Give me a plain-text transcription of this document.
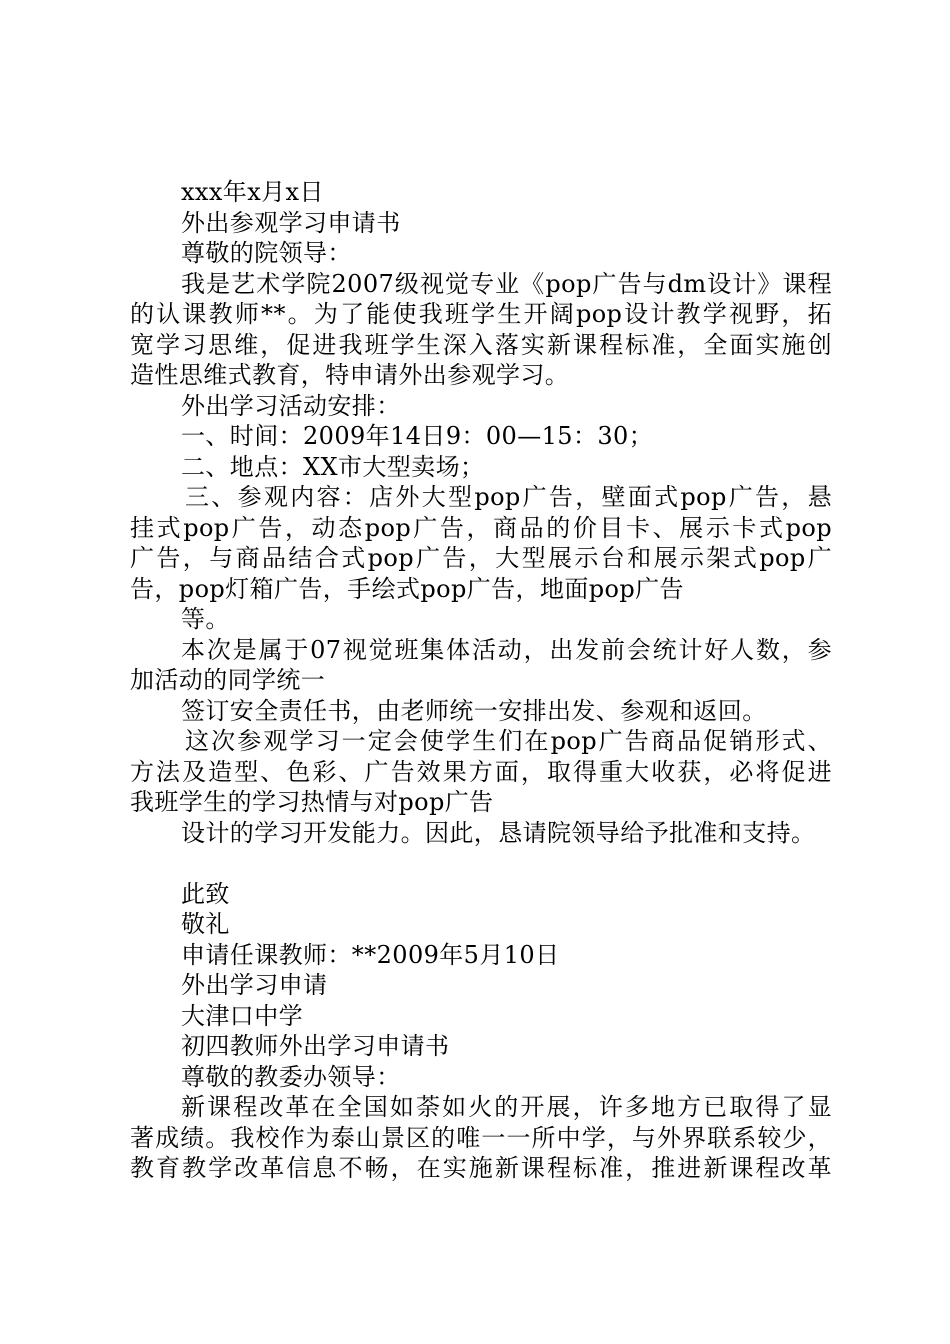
xxx年x月x日
外出参观学习申请书
尊敬的院领导：
我是艺术学院2007级视觉专业《pop广告与dm设计》课程
的认课教师**。为了能使我班学生开阔pop设计教学视野，拓
宽学习思维，促进我班学生深入落实新课程标准，全面实施创
造性思维式教育，特申请外出参观学习。
外出学习活动安排：
一、时间：2009年14日9：00—15：30；
二、地点：XX市大型卖场；
三、参观内容：店外大型pop广告，壁面式pop广告，悬
挂式pop广告，动态pop广告，商品的价目卡、展示卡式pop
广告，与商品结合式pop广告，大型展示台和展示架式pop广
告，pop灯箱广告，手绘式pop广告，地面pop广告
等。
本次是属于07视觉班集体活动，出发前会统计好人数，参
加活动的同学统一
签订安全责任书，由老师统一安排出发、参观和返回。
这次参观学习一定会使学生们在pop广告商品促销形式、
方法及造型、色彩、广告效果方面，取得重大收获，必将促进
我班学生的学习热情与对pop广告
设计的学习开发能力。因此，恳请院领导给予批准和支持。
此致
敬礼
申请任课教师：**2009年5月10日
外出学习申请
大津口中学
初四教师外出学习申请书
尊敬的教委办领导：
新课程改革在全国如荼如火的开展，许多地方已取得了显
著成绩。我校作为泰山景区的唯一一所中学，与外界联系较少，
教育教学改革信息不畅，在实施新课程标准，推进新课程改革
